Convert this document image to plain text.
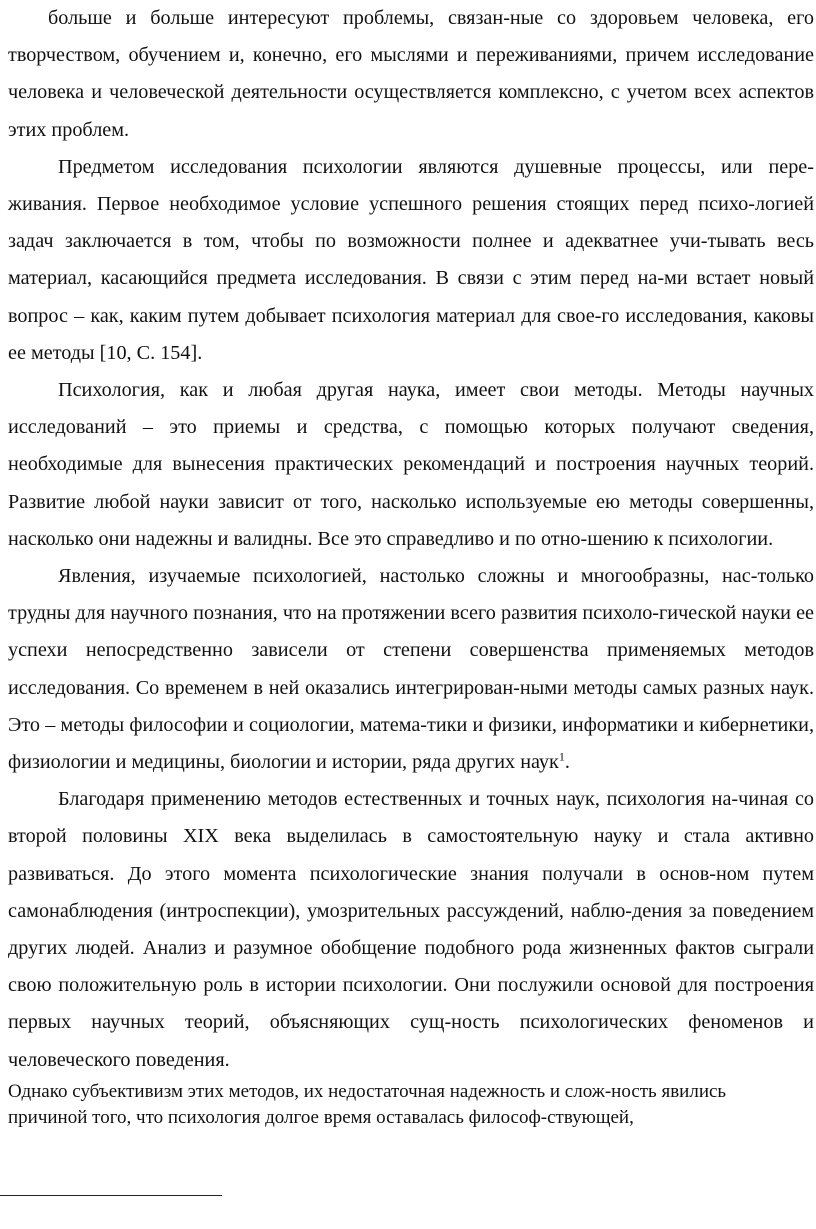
больше и больше интересуют проблемы, связан-ные со здоровьем человека, его творчеством, обучением и, конечно, его мыслями и переживаниями, причем исследование человека и человеческой деятельности осуществляется комплексно, с учетом всех аспектов этих проблем.

Предметом исследования психологии являются душевные процессы, или пере-живания. Первое необходимое условие успешного решения стоящих перед психо-логией задач заключается в том, чтобы по возможности полнее и адекватнее учи-тывать весь материал, касающийся предмета исследования. В связи с этим перед на-ми встает новый вопрос – как, каким путем добывает психология материал для свое-го исследования, каковы ее методы [10, С. 154].

Психология, как и любая другая наука, имеет свои методы. Методы научных исследований – это приемы и средства, с помощью которых получают сведения, необходимые для вынесения практических рекомендаций и построения научных теорий. Развитие любой науки зависит от того, насколько используемые ею методы совершенны, насколько они надежны и валидны. Все это справедливо и по отно-шению к психологии.

Явления, изучаемые психологией, настолько сложны и многообразны, нас-только трудны для научного познания, что на протяжении всего развития психоло-гической науки ее успехи непосредственно зависели от степени совершенства применяемых методов исследования. Со временем в ней оказались интегрирован-ными методы самых разных наук. Это – методы философии и социологии, матема-тики и физики, информатики и кибернетики, физиологии и медицины, биологии и истории, ряда других наук$^1$.

Благодаря применению методов естественных и точных наук, психология на-чиная со второй половины XIX века выделилась в самостоятельную науку и стала активно развиваться. До этого момента психологические знания получали в основ-ном путем самонаблюдения (интроспекции), умозрительных рассуждений, наблю-дения за поведением других людей. Анализ и разумное обобщение подобного рода жизненных фактов сыграли свою положительную роль в истории психологии. Они послужили основой для построения первых научных теорий, объясняющих сущ-ность психологических феноменов и человеческого поведения.

Однако субъективизм этих методов, их недостаточная надежность и слож-ность явились причиной того, что психология долгое время оставалась философ-ствующей,
